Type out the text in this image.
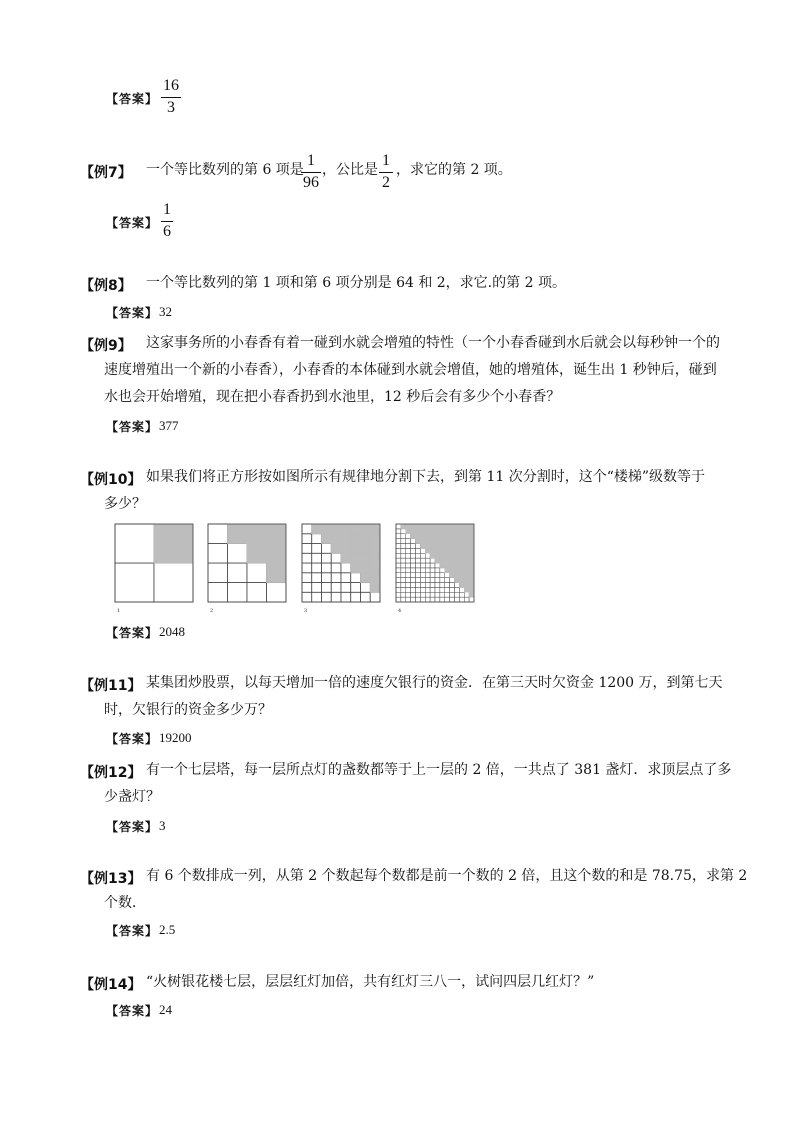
【答案】
16
3
【例7】 一个等比数列的第 6 项是
1
96
，公比是
1
2
，求它的第 2 项。
【答案】
1
6
【例8】 一个等比数列的第 1 项和第 6 项分别是 64 和 2，求它.的第 2 项。
【答案】 32
【例9】 这家事务所的小春香有着一碰到水就会增殖的特性（一个小春香碰到水后就会以每秒钟一个的
速度增殖出一个新的小春香），小春香的本体碰到水就会增值，她的增殖体，诞生出 1 秒钟后，碰到
水也会开始增殖，现在把小春香扔到水池里，12 秒后会有多少个小春香？
【答案】 377
【例10】 如果我们将正方形按如图所示有规律地分割下去，到第 11 次分割时，这个“楼梯”级数等于
多少？
1	2	3	4
【答案】 2048
【例11】 某集团炒股票，以每天增加一倍的速度欠银行的资金．在第三天时欠资金 1200 万，到第七天
时，欠银行的资金多少万？
【答案】 19200
【例12】 有一个七层塔，每一层所点灯的盏数都等于上一层的 2 倍，一共点了 381 盏灯．求顶层点了多
少盏灯？
【答案】 3
【例13】 有 6 个数排成一列，从第 2 个数起每个数都是前一个数的 2 倍，且这个数的和是 78.75，求第 2
个数．
【答案】 2.5
【例14】 “火树银花楼七层，层层红灯加倍，共有红灯三八一，试问四层几红灯？”
【答案】 24
